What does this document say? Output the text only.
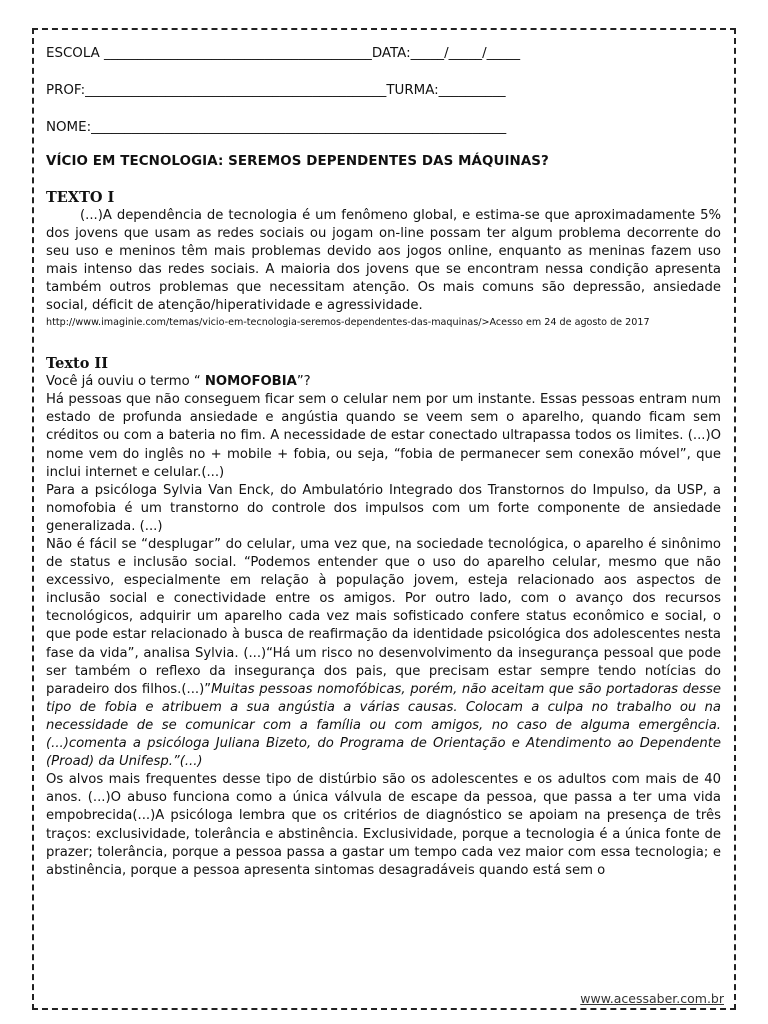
ESCOLA ________________________________________DATA:_____/_____/_____
PROF:_____________________________________________TURMA:__________
NOME:______________________________________________________________
VÍCIO EM TECNOLOGIA: SEREMOS DEPENDENTES DAS MÁQUINAS?
TEXTO I

(...)A dependência de tecnologia é um fenômeno global, e estima-se que aproximadamente 5% dos jovens que usam as redes sociais ou jogam on-line possam ter algum problema decorrente do seu uso e meninos têm mais problemas devido aos jogos online, enquanto as meninas fazem uso mais intenso das redes sociais. A maioria dos jovens que se encontram nessa condição apresenta também outros problemas que necessitam atenção. Os mais comuns são depressão, ansiedade social, déficit de atenção/hiperatividade e agressividade.

http://www.imaginie.com/temas/vicio-em-tecnologia-seremos-dependentes-das-maquinas/>Acesso em 24 de agosto de 2017

Texto II

Você já ouviu o termo “ NOMOFOBIA”?

Há pessoas que não conseguem ficar sem o celular nem por um instante. Essas pessoas entram num estado de profunda ansiedade e angústia quando se veem sem o aparelho, quando ficam sem créditos ou com a bateria no fim. A necessidade de estar conectado ultrapassa todos os limites. (...)O nome vem do inglês no + mobile + fobia, ou seja, “fobia de permanecer sem conexão móvel”, que inclui internet e celular.(...)

Para a psicóloga Sylvia Van Enck, do Ambulatório Integrado dos Transtornos do Impulso, da USP, a nomofobia é um transtorno do controle dos impulsos com um forte componente de ansiedade generalizada. (...)

Não é fácil se “desplugar” do celular, uma vez que, na sociedade tecnológica, o aparelho é sinônimo de status e inclusão social. “Podemos entender que o uso do aparelho celular, mesmo que não excessivo, especialmente em relação à população jovem, esteja relacionado aos aspectos de inclusão social e conectividade entre os amigos. Por outro lado, com o avanço dos recursos tecnológicos, adquirir um aparelho cada vez mais sofisticado confere status econômico e social, o que pode estar relacionado à busca de reafirmação da identidade psicológica dos adolescentes nesta fase da vida”, analisa Sylvia. (...)“Há um risco no desenvolvimento da insegurança pessoal que pode ser também o reflexo da insegurança dos pais, que precisam estar sempre tendo notícias do paradeiro dos filhos.(...)”Muitas pessoas nomofóbicas, porém, não aceitam que são portadoras desse tipo de fobia e atribuem a sua angústia a várias causas. Colocam a culpa no trabalho ou na necessidade de se comunicar com a família ou com amigos, no caso de alguma emergência. (...)comenta a psicóloga Juliana Bizeto, do Programa de Orientação e Atendimento ao Dependente (Proad) da Unifesp.”(...)

Os alvos mais frequentes desse tipo de distúrbio são os adolescentes e os adultos com mais de 40 anos. (...)O abuso funciona como a única válvula de escape da pessoa, que passa a ter uma vida empobrecida(...)A psicóloga lembra que os critérios de diagnóstico se apoiam na presença de três traços: exclusividade, tolerância e abstinência. Exclusividade, porque a tecnologia é a única fonte de prazer; tolerância, porque a pessoa passa a gastar um tempo cada vez maior com essa tecnologia; e abstinência, porque a pessoa apresenta sintomas desagradáveis quando está sem o

www.acessaber.com.br
